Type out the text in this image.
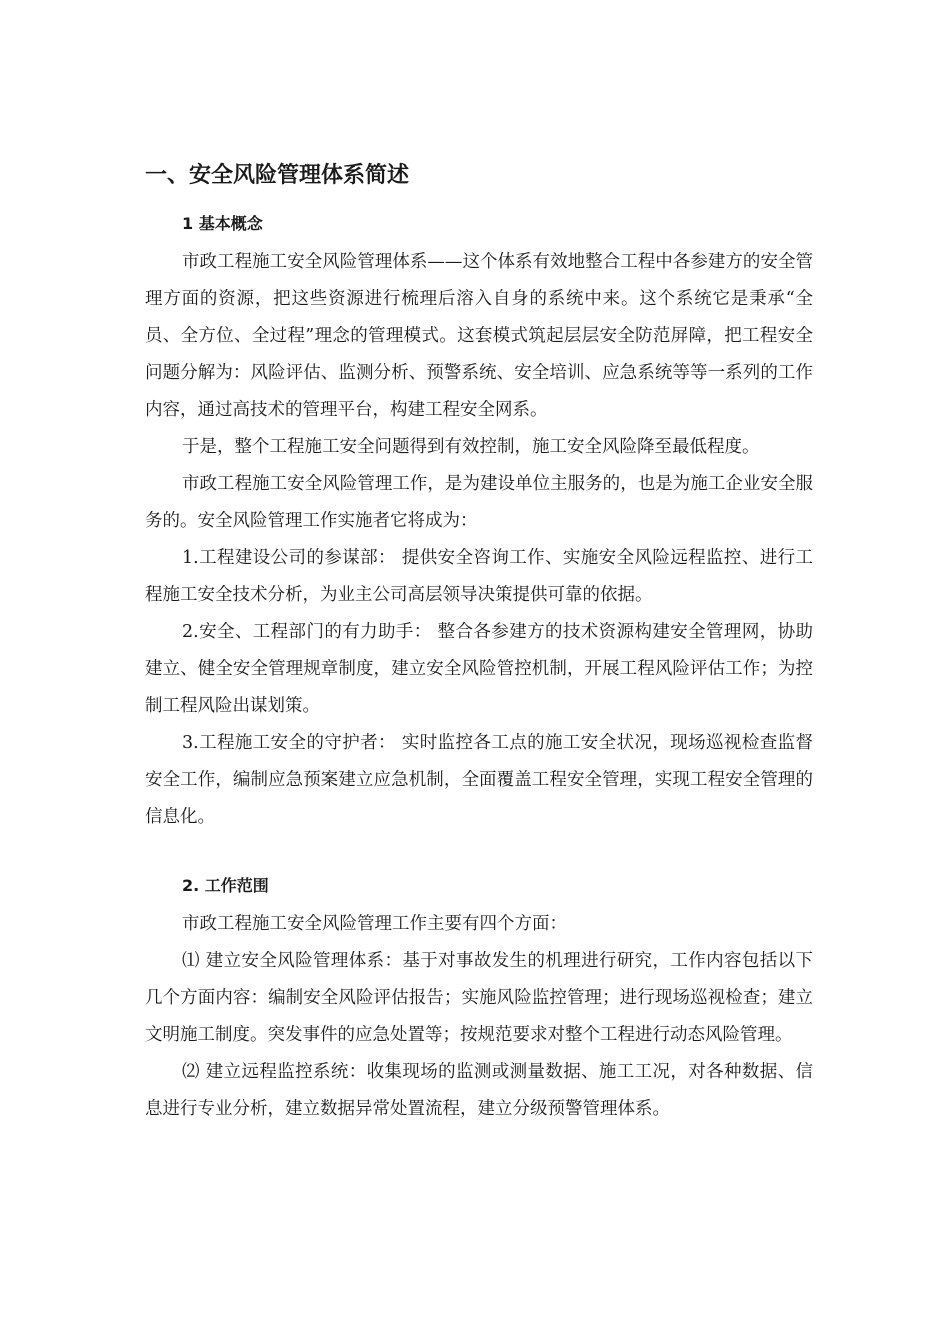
一、安全风险管理体系简述
1 基本概念

市政工程施工安全风险管理体系——这个体系有效地整合工程中各参建方的安全管理方面的资源，把这些资源进行梳理后溶入自身的系统中来。这个系统它是秉承“全员、全方位、全过程”理念的管理模式。这套模式筑起层层安全防范屏障，把工程安全问题分解为：风险评估、监测分析、预警系统、安全培训、应急系统等等一系列的工作内容，通过高技术的管理平台，构建工程安全网系。

于是，整个工程施工安全问题得到有效控制，施工安全风险降至最低程度。

市政工程施工安全风险管理工作，是为建设单位主服务的，也是为施工企业安全服务的。安全风险管理工作实施者它将成为：

1.工程建设公司的参谋部： 提供安全咨询工作、实施安全风险远程监控、进行工程施工安全技术分析，为业主公司高层领导决策提供可靠的依据。

2.安全、工程部门的有力助手： 整合各参建方的技术资源构建安全管理网，协助建立、健全安全管理规章制度，建立安全风险管控机制，开展工程风险评估工作；为控制工程风险出谋划策。

3.工程施工安全的守护者： 实时监控各工点的施工安全状况，现场巡视检查监督安全工作，编制应急预案建立应急机制，全面覆盖工程安全管理，实现工程安全管理的信息化。

2. 工作范围

市政工程施工安全风险管理工作主要有四个方面：

⑴ 建立安全风险管理体系：基于对事故发生的机理进行研究，工作内容包括以下几个方面内容：编制安全风险评估报告；实施风险监控管理；进行现场巡视检查；建立文明施工制度。突发事件的应急处置等；按规范要求对整个工程进行动态风险管理。

⑵ 建立远程监控系统：收集现场的监测或测量数据、施工工况，对各种数据、信息进行专业分析，建立数据异常处置流程，建立分级预警管理体系。
